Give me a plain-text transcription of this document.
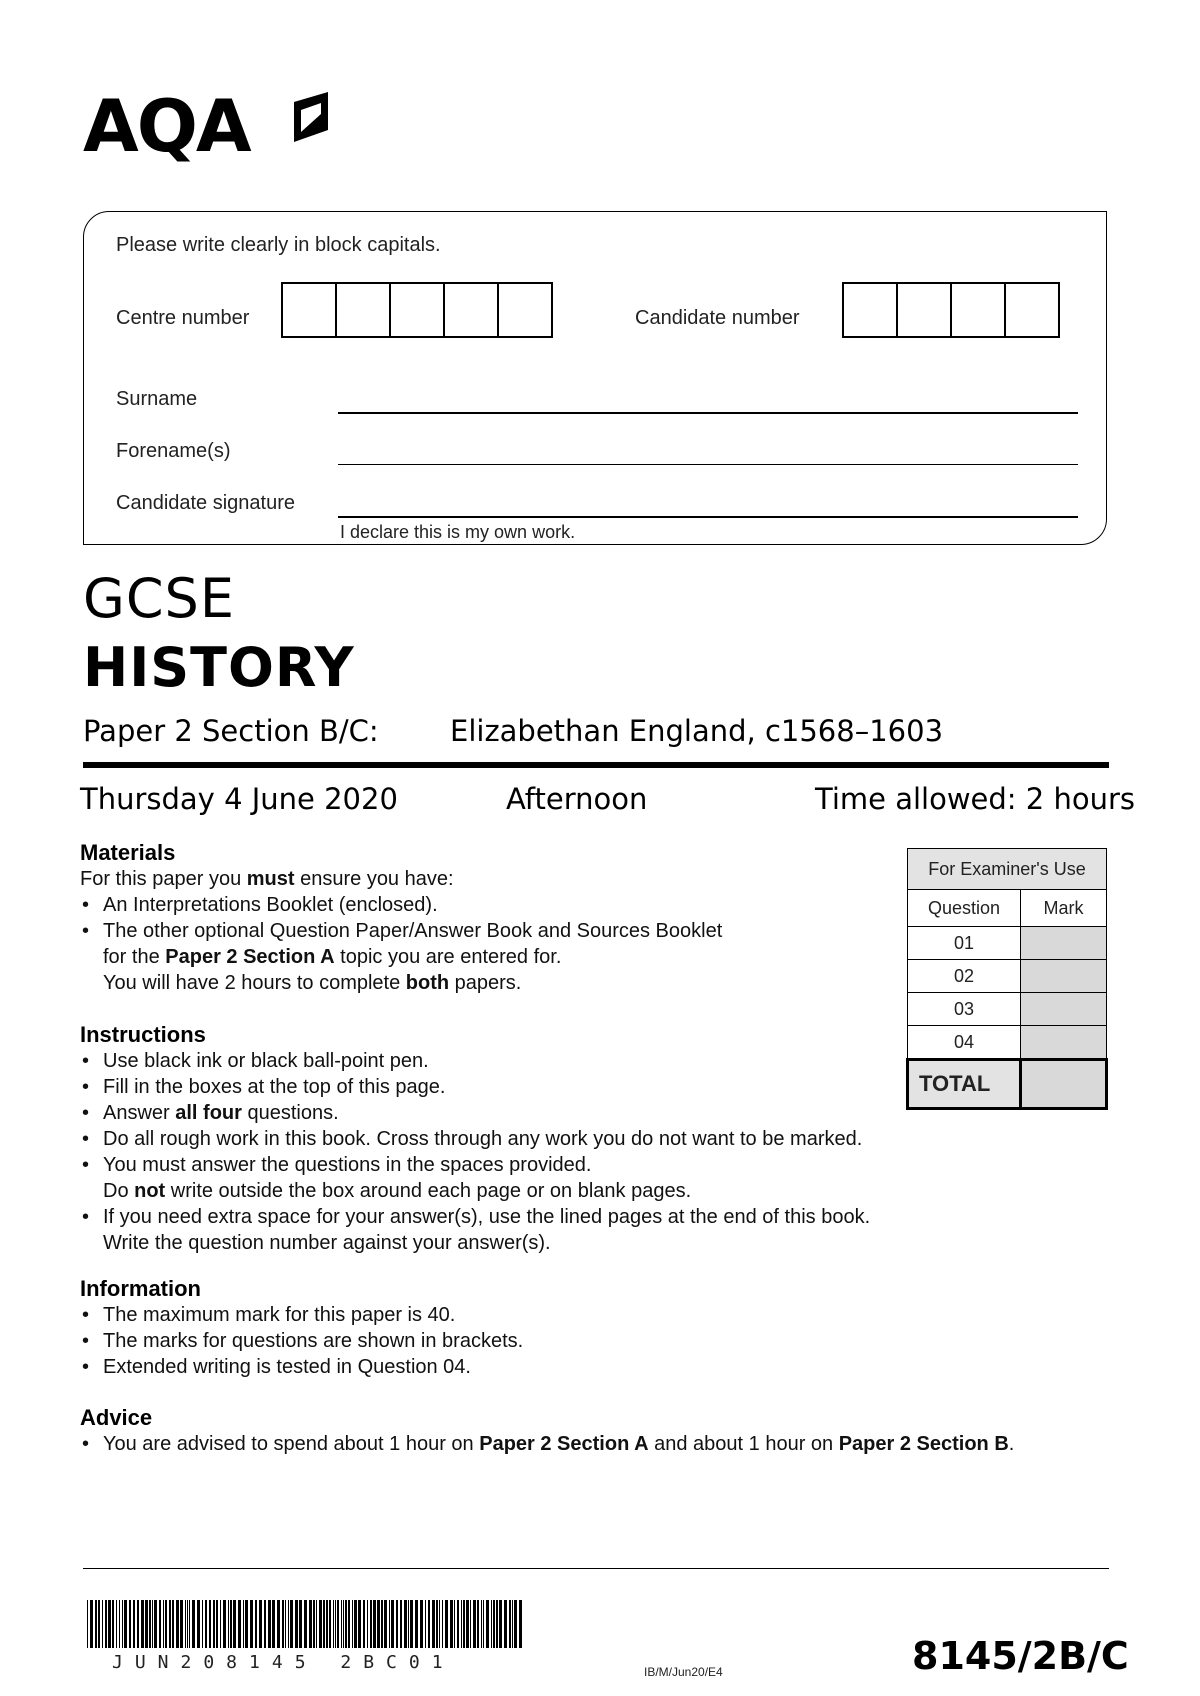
AQA
Please write clearly in block capitals.
Centre number	Candidate number
Surname
Forename(s)
Candidate signature
I declare this is my own work.
GCSE
HISTORY
Paper 2 Section B/C: Elizabethan England, c1568–1603
Thursday 4 June 2020	Afternoon	Time allowed: 2 hours
Materials
For this paper you must ensure you have:
• An Interpretations Booklet (enclosed).
• The other optional Question Paper/Answer Book and Sources Booklet
for the Paper 2 Section A topic you are entered for.
You will have 2 hours to complete both papers.
Instructions
• Use black ink or black ball-point pen.
• Fill in the boxes at the top of this page.
• Answer all four questions.
• Do all rough work in this book. Cross through any work you do not want to be marked.
• You must answer the questions in the spaces provided.
Do not write outside the box around each page or on blank pages.
• If you need extra space for your answer(s), use the lined pages at the end of this book.
Write the question number against your answer(s).
Information
• The maximum mark for this paper is 40.
• The marks for questions are shown in brackets.
• Extended writing is tested in Question 04.
Advice
• You are advised to spend about 1 hour on Paper 2 Section A and about 1 hour on Paper 2 Section B.
For Examiner's Use	
Question	Mark
01	
02	
03	
04	
TOTAL	
JUN208145 2BC01	IB/M/Jun20/E4	8145/2B/C
